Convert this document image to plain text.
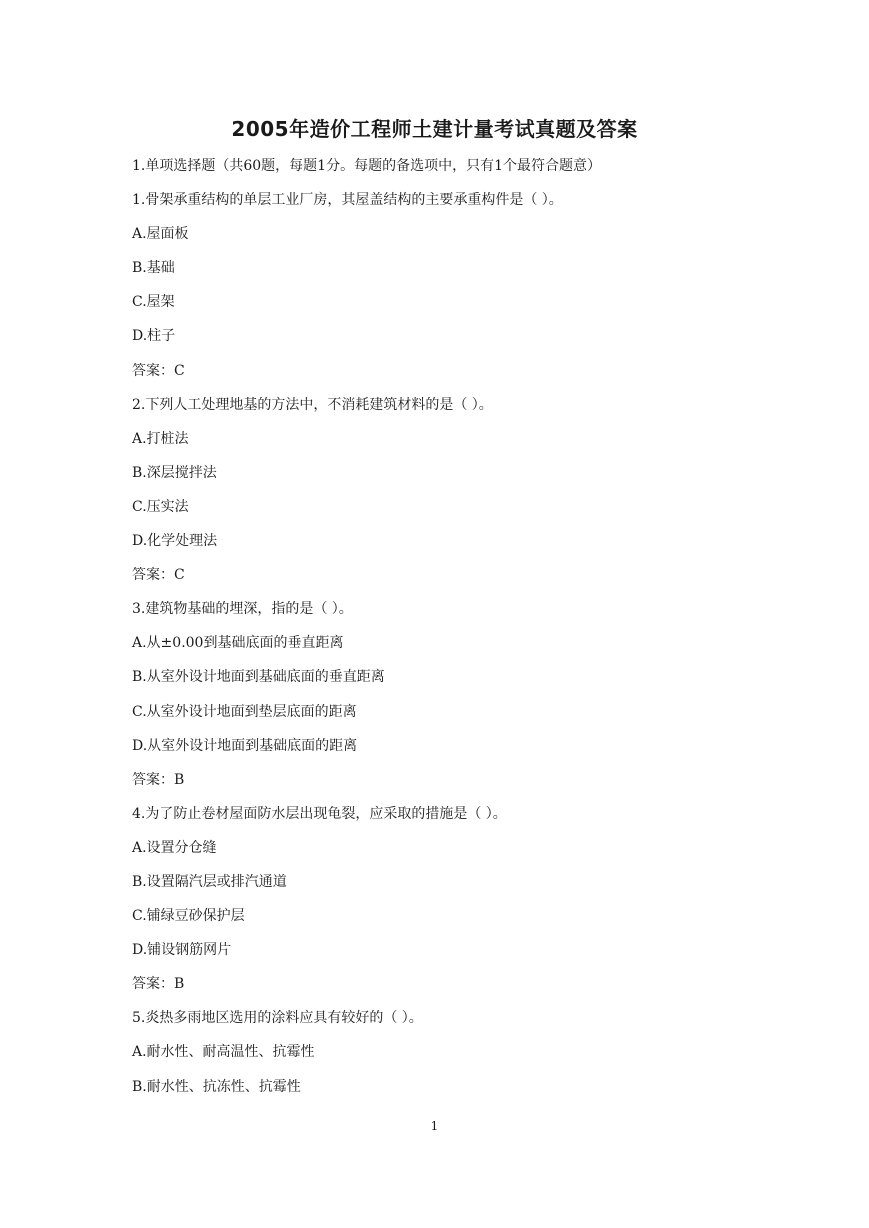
2005年造价工程师土建计量考试真题及答案
1.单项选择题（共60题，每题1分。每题的备选项中，只有1个最符合题意）
1.骨架承重结构的单层工业厂房，其屋盖结构的主要承重构件是（ ）。
A.屋面板
B.基础
C.屋架
D.柱子
答案：C
2.下列人工处理地基的方法中，不消耗建筑材料的是（ ）。
A.打桩法
B.深层搅拌法
C.压实法
D.化学处理法
答案：C
3.建筑物基础的埋深，指的是（ ）。
A.从±0.00到基础底面的垂直距离
B.从室外设计地面到基础底面的垂直距离
C.从室外设计地面到垫层底面的距离
D.从室外设计地面到基础底面的距离
答案：B
4.为了防止卷材屋面防水层出现龟裂，应采取的措施是（ ）。
A.设置分仓缝
B.设置隔汽层或排汽通道
C.铺绿豆砂保护层
D.铺设钢筋网片
答案：B
5.炎热多雨地区选用的涂料应具有较好的（ ）。
A.耐水性、耐高温性、抗霉性
B.耐水性、抗冻性、抗霉性
1
